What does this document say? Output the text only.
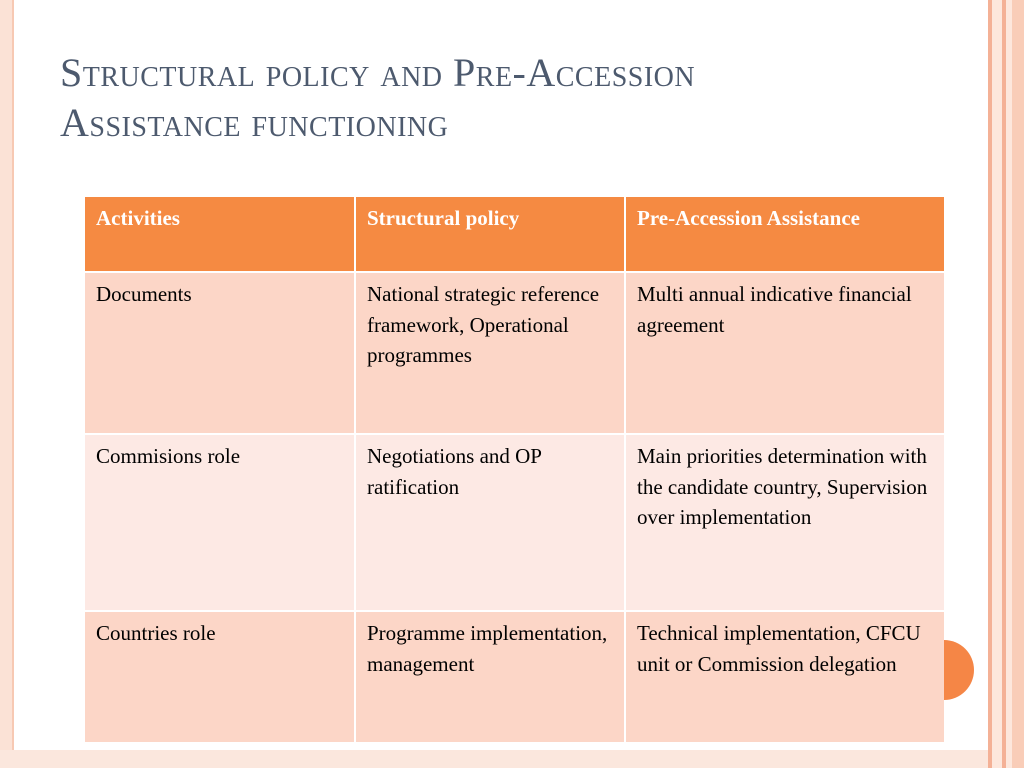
Structural policy and Pre-Accession
Assistance functioning
Activities	Structural policy	Pre-Accession Assistance
Documents	National strategic reference framework, Operational programmes	Multi annual indicative financial agreement
Commisions role	Negotiations and OP ratification	Main priorities determination with the candidate country, Supervision over implementation
Countries role	Programme implementation, management	Technical implementation, CFCU unit or Commission delegation
